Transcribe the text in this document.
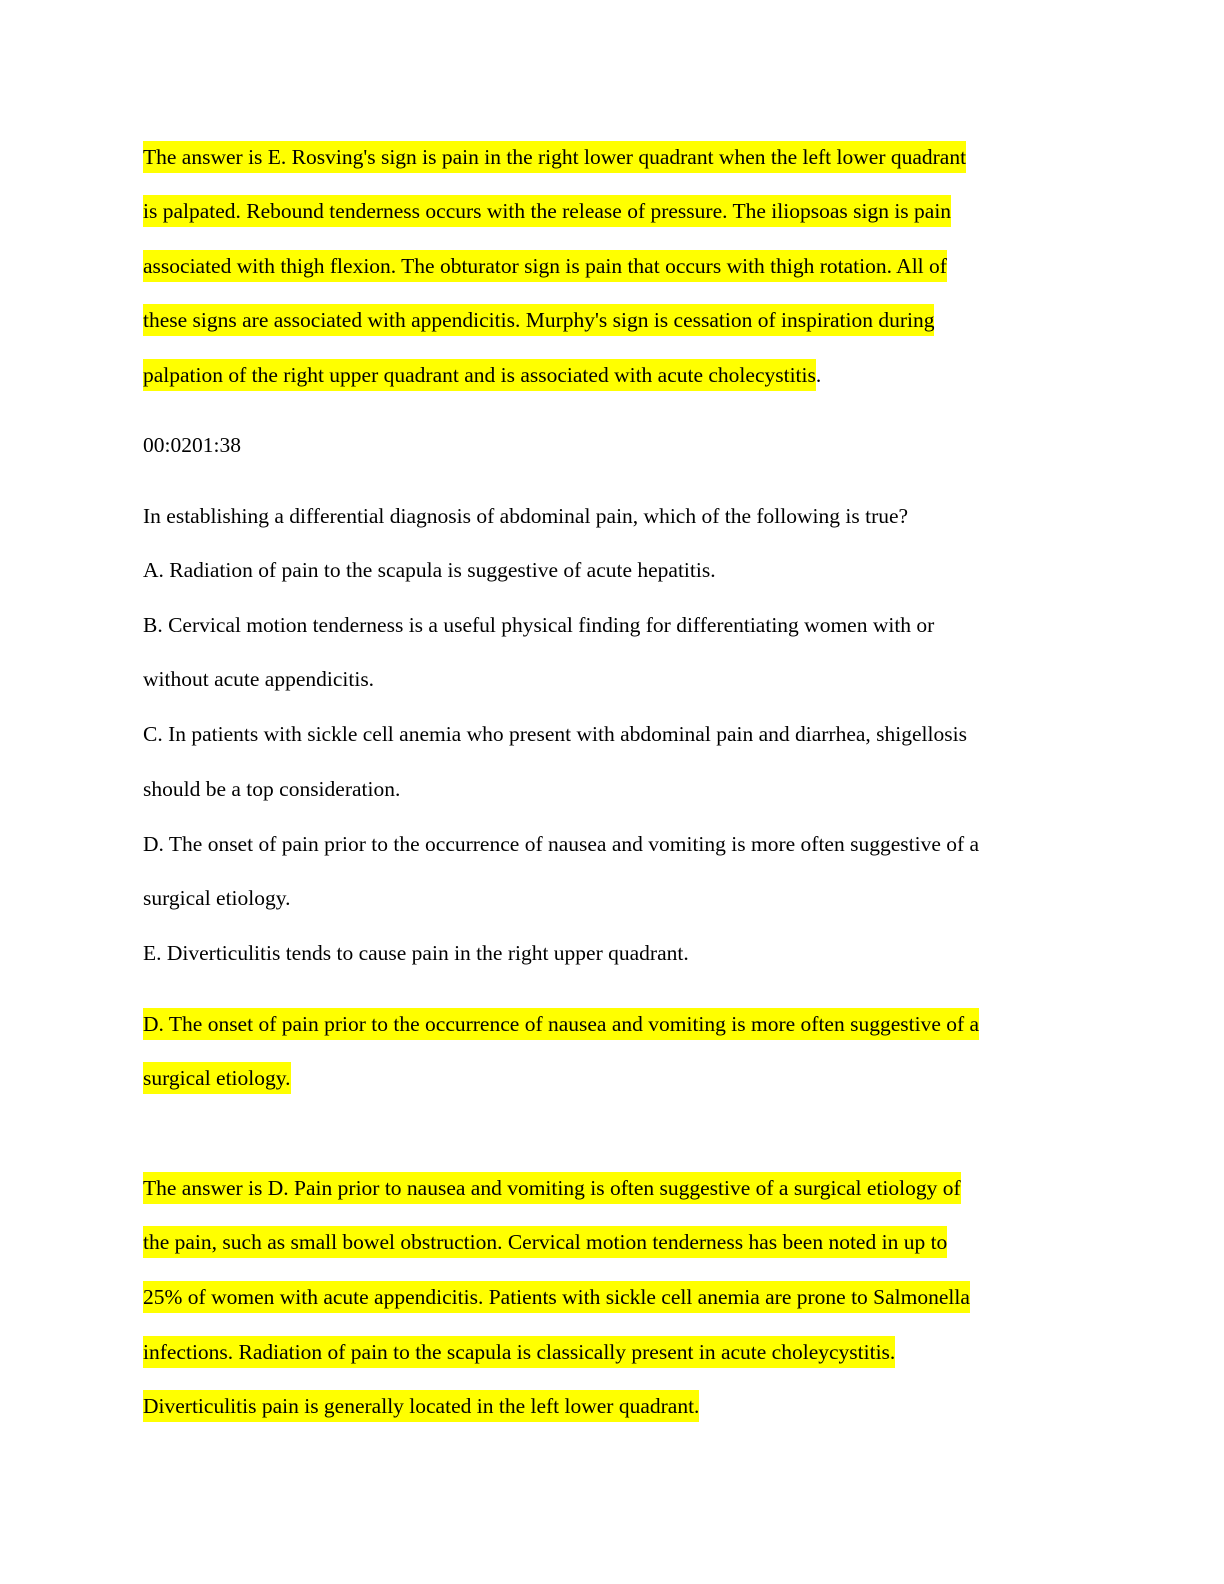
The answer is E. Rosving's sign is pain in the right lower quadrant when the left lower quadrant
is palpated. Rebound tenderness occurs with the release of pressure. The iliopsoas sign is pain
associated with thigh flexion. The obturator sign is pain that occurs with thigh rotation. All of
these signs are associated with appendicitis. Murphy's sign is cessation of inspiration during
palpation of the right upper quadrant and is associated with acute cholecystitis.
00:0201:38
In establishing a differential diagnosis of abdominal pain, which of the following is true?
A. Radiation of pain to the scapula is suggestive of acute hepatitis.
B. Cervical motion tenderness is a useful physical finding for differentiating women with or
without acute appendicitis.
C. In patients with sickle cell anemia who present with abdominal pain and diarrhea, shigellosis
should be a top consideration.
D. The onset of pain prior to the occurrence of nausea and vomiting is more often suggestive of a
surgical etiology.
E. Diverticulitis tends to cause pain in the right upper quadrant.
D. The onset of pain prior to the occurrence of nausea and vomiting is more often suggestive of a
surgical etiology.
The answer is D. Pain prior to nausea and vomiting is often suggestive of a surgical etiology of
the pain, such as small bowel obstruction. Cervical motion tenderness has been noted in up to
25% of women with acute appendicitis. Patients with sickle cell anemia are prone to Salmonella
infections. Radiation of pain to the scapula is classically present in acute choleycystitis.
Diverticulitis pain is generally located in the left lower quadrant.
